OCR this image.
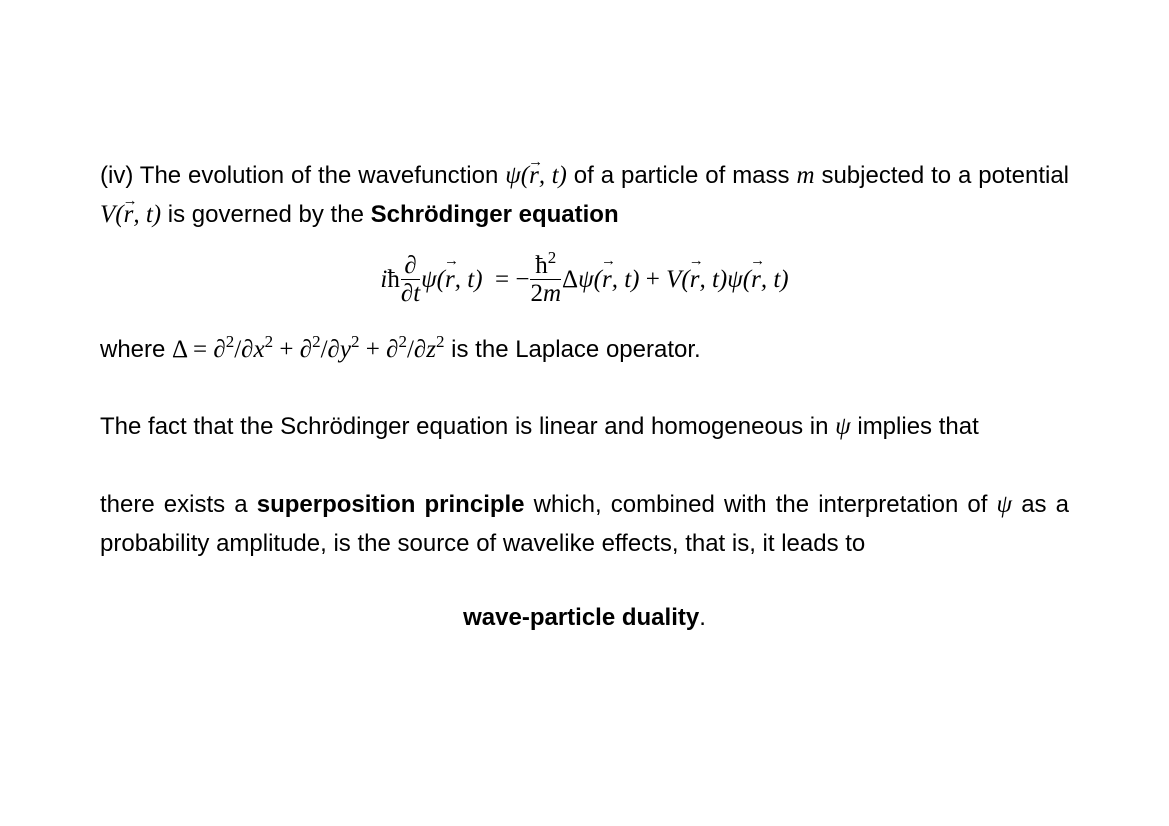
(iv) The evolution of the wavefunction ψ(→ r, t) of a particle of mass m subjected to a potential V(→ r, t) is governed by the Schrödinger equation

iħ $\frac{\partial}{\partial t} \psi(\to r$, t)  = − $\frac{ħ^2}{2m} \Delta\psi(\to r$, t) + V(→ r, t)ψ(→ r, t)

where $\Delta = \partial^2/\partial x^2 + \partial^2/\partial y^2 + \partial^2/\partial z^2$ is the Laplace operator.

The fact that the Schrödinger equation is linear and homogeneous in ψ implies that

there exists a superposition principle which, combined with the interpretation of ψ as a probability amplitude, is the source of wavelike effects, that is, it leads to

wave-particle duality.
